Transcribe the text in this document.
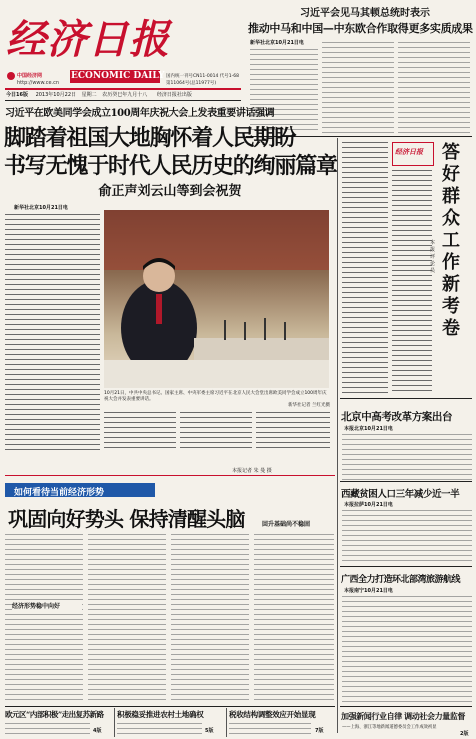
经济日报
中国经济网
http://www.ce.cn
ECONOMIC DAILY 国内统一刊号CN11-0014 代号1-68
第11064号(总11977号)
今日16版 2013年10月22日 星期二 农历癸巳年九月十八 经济日报社出版
习近平会见马其顿总统时表示
推动中马和中国—中东欧合作取得更多实质成果
新华社北京10月21日电
习近平在欧美同学会成立100周年庆祝大会上发表重要讲话强调
脚踏着祖国大地胸怀着人民期盼
书写无愧于时代人民历史的绚丽篇章
俞正声刘云山等到会祝贺
新华社北京10月21日电
10月21日，中共中央总书记、国家主席、中央军委主席习近平在北京人民大会堂出席欧美同学会成立100周年庆祝大会并发表重要讲话。
新华社记者 兰红光摄
本报记者 朱 曼 摄
经济日报 答好群众工作新考卷
本报评论员
如何看待当前经济形势
巩固向好势头 保持清醒头脑
经济形势稳中向好
回升基础尚不稳固
北京中高考改革方案出台
本报北京10月21日电
西藏贫困人口三年减少近一半
本报拉萨10月21日电
广西全力打造环北部湾旅游航线
本报南宁10月21日电
加强新闻行业自律 调动社会力量监督
——上海、浙江等地新闻道德委员会工作成效初显
2版
欧元区“内部积极”走出复苏新路
4版
积极稳妥推进农村土地确权
5版
税收结构调整效应开始显现
7版
